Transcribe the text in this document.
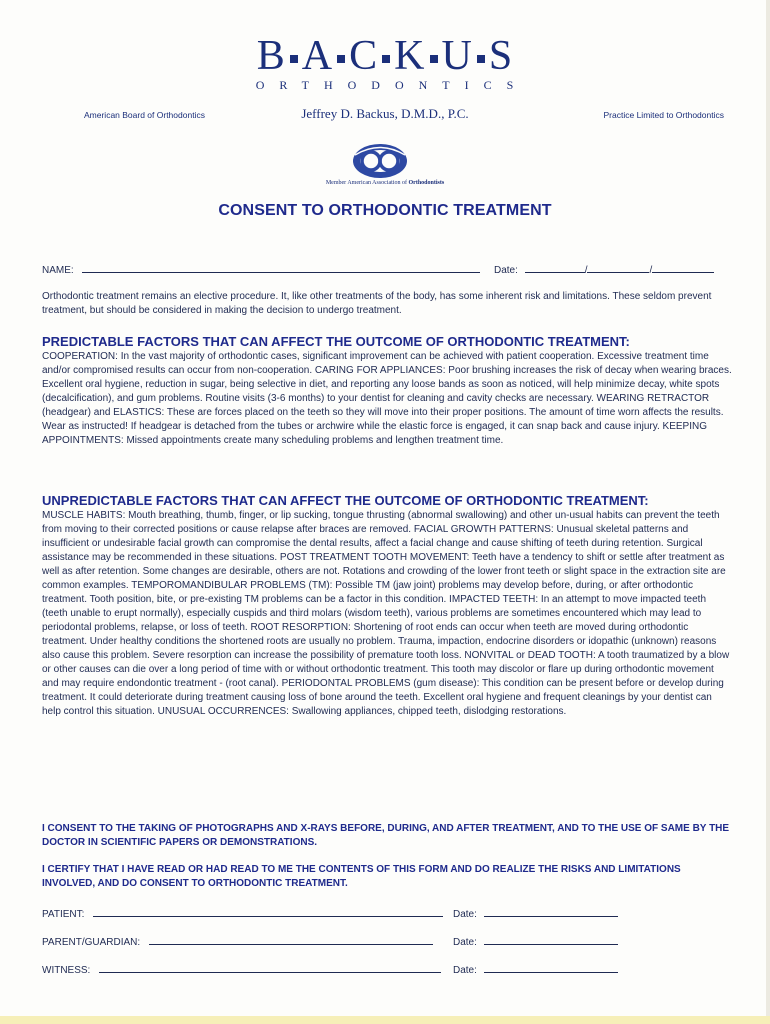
B A C K U S
ORTHODONTICS
American Board of Orthodontics	Jeffrey D. Backus, D.M.D., P.C.	Practice Limited to Orthodontics
Member American Association of Orthodontists
CONSENT TO ORTHODONTIC TREATMENT
NAME:	Date:	/	/
Orthodontic treatment remains an elective procedure. It, like other treatments of the body, has some inherent risk and limitations. These seldom prevent treatment, but should be considered in making the decision to undergo treatment.
PREDICTABLE FACTORS THAT CAN AFFECT THE OUTCOME OF ORTHODONTIC TREATMENT:
COOPERATION: In the vast majority of orthodontic cases, significant improvement can be achieved with patient cooperation. Excessive treatment time and/or compromised results can occur from non-cooperation. CARING FOR APPLIANCES: Poor brushing increases the risk of decay when wearing braces. Excellent oral hygiene, reduction in sugar, being selective in diet, and reporting any loose bands as soon as noticed, will help minimize decay, white spots (decalcification), and gum problems. Routine visits (3-6 months) to your dentist for cleaning and cavity checks are necessary. WEARING RETRACTOR (headgear) and ELASTICS: These are forces placed on the teeth so they will move into their proper positions. The amount of time worn affects the results. Wear as instructed! If headgear is detached from the tubes or archwire while the elastic force is engaged, it can snap back and cause injury. KEEPING APPOINTMENTS: Missed appointments create many scheduling problems and lengthen treatment time.
UNPREDICTABLE FACTORS THAT CAN AFFECT THE OUTCOME OF ORTHODONTIC TREATMENT:
MUSCLE HABITS: Mouth breathing, thumb, finger, or lip sucking, tongue thrusting (abnormal swallowing) and other un-usual habits can prevent the teeth from moving to their corrected positions or cause relapse after braces are removed. FACIAL GROWTH PATTERNS: Unusual skeletal patterns and insufficient or undesirable facial growth can compromise the dental results, affect a facial change and cause shifting of teeth during retention. Surgical assistance may be recommended in these situations. POST TREATMENT TOOTH MOVEMENT: Teeth have a tendency to shift or settle after treatment as well as after retention. Some changes are desirable, others are not. Rotations and crowding of the lower front teeth or slight space in the extraction site are common examples. TEMPOROMANDIBULAR PROBLEMS (TM): Possible TM (jaw joint) problems may develop before, during, or after orthodontic treatment. Tooth position, bite, or pre-existing TM problems can be a factor in this condition. IMPACTED TEETH: In an attempt to move impacted teeth (teeth unable to erupt normally), especially cuspids and third molars (wisdom teeth), various problems are sometimes encountered which may lead to periodontal problems, relapse, or loss of teeth. ROOT RESORPTION: Shortening of root ends can occur when teeth are moved during orthodontic treatment. Under healthy conditions the shortened roots are usually no problem. Trauma, impaction, endocrine disorders or idopathic (unknown) reasons also cause this problem. Severe resorption can increase the possibility of premature tooth loss. NONVITAL or DEAD TOOTH: A tooth traumatized by a blow or other causes can die over a long period of time with or without orthodontic treatment. This tooth may discolor or flare up during orthodontic movement and may require endondontic treatment - (root canal). PERIODONTAL PROBLEMS (gum disease): This condition can be present before or develop during treatment. It could deteriorate during treatment causing loss of bone around the teeth. Excellent oral hygiene and frequent cleanings by your dentist can help control this situation. UNUSUAL OCCURRENCES: Swallowing appliances, chipped teeth, dislodging restorations.
I CONSENT TO THE TAKING OF PHOTOGRAPHS AND X-RAYS BEFORE, DURING, AND AFTER TREATMENT, AND TO THE USE OF SAME BY THE DOCTOR IN SCIENTIFIC PAPERS OR DEMONSTRATIONS.
I CERTIFY THAT I HAVE READ OR HAD READ TO ME THE CONTENTS OF THIS FORM AND DO REALIZE THE RISKS AND LIMITATIONS INVOLVED, AND DO CONSENT TO ORTHODONTIC TREATMENT.
PATIENT:	Date:
PARENT/GUARDIAN:	Date:
WITNESS:	Date:
